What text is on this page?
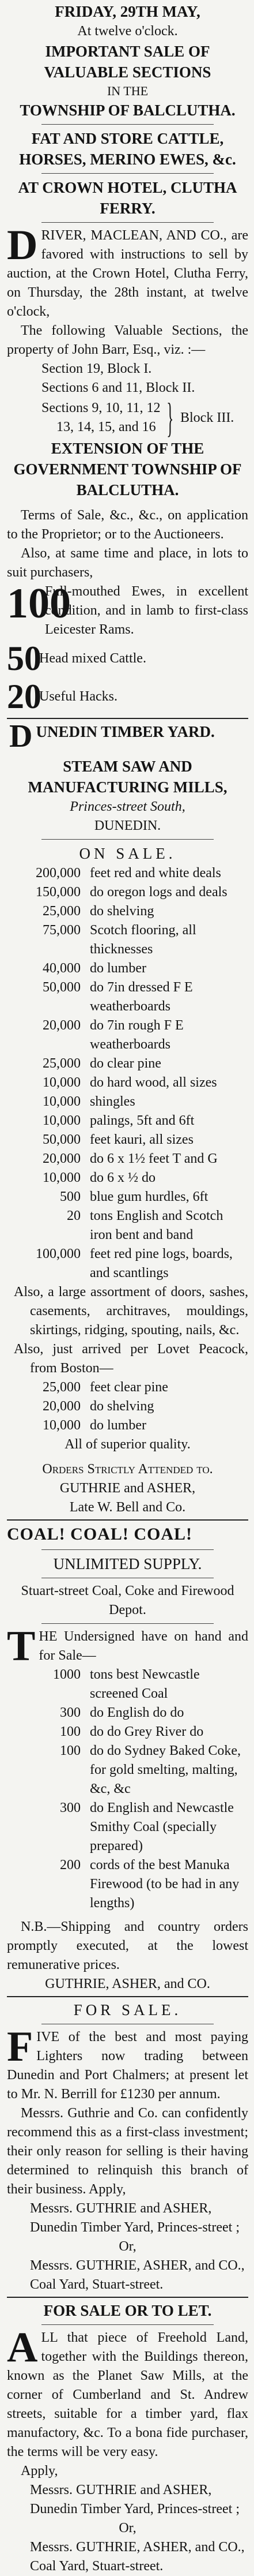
FRIDAY, 29TH MAY,
At twelve o'clock.
IMPORTANT SALE OF VALUABLE SECTIONS
IN THE
TOWNSHIP OF BALCLUTHA.
FAT AND STORE CATTLE, HORSES, MERINO EWES, &c.
AT CROWN HOTEL, CLUTHA FERRY.
D RIVER, MACLEAN, AND CO., are favored with instructions to sell by auction, at the Crown Hotel, Clutha Ferry, on Thursday, the 28th instant, at twelve o'clock,
The following Valuable Sections, the property of John Barr, Esq., viz. :—
Section 19, Block I.
Sections 6 and 11, Block II.
Sections 9, 10, 11, 12
13, 14, 15, and 16 } Block III.
EXTENSION OF THE GOVERNMENT TOWNSHIP OF BALCLUTHA.
Terms of Sale, &c., &c., on application to the Proprietor; or to the Auctioneers.
Also, at same time and place, in lots to suit purchasers,
100
Full-mouthed Ewes, in excellent condition, and in lamb to first-class Leicester Rams.
50
Head mixed Cattle.
20
Useful Hacks.
DUNEDIN TIMBER YARD.
STEAM SAW AND MANUFACTURING MILLS,
Princes-street South,
DUNEDIN.
ON SALE.
200,000 feet red and white deals
150,000 do oregon logs and deals
25,000 do shelving
75,000 Scotch flooring, all thicknesses
40,000 do lumber
50,000 do 7in dressed F E weatherboards
20,000 do 7in rough F E weatherboards
25,000 do clear pine
10,000 do hard wood, all sizes
10,000 shingles
10,000 palings, 5ft and 6ft
50,000 feet kauri, all sizes
20,000 do 6 x 1½ feet T and G
10,000 do 6 x ½ do
500 blue gum hurdles, 6ft
20 tons English and Scotch iron bent and band
100,000 feet red pine logs, boards, and scantlings
Also, a large assortment of doors, sashes, casements, architraves, mouldings, skirtings, ridging, spouting, nails, &c.
Also, just arrived per Lovet Peacock, from Boston—
25,000 feet clear pine
20,000 do shelving
10,000 do lumber
All of superior quality.
Orders Strictly Attended to.
GUTHRIE and ASHER,
Late W. Bell and Co.
COAL! COAL! COAL!
UNLIMITED SUPPLY.
Stuart-street Coal, Coke and Firewood Depot.
T HE Undersigned have on hand and for Sale—
1000 tons best Newcastle screened Coal
300 do English do do
100 do do Grey River do
100 do do Sydney Baked Coke, for gold smelting, malting, &c, &c
300 do English and Newcastle Smithy Coal (specially prepared)
200 cords of the best Manuka Firewood (to be had in any lengths)
N.B.—Shipping and country orders promptly executed, at the lowest remunerative prices.
GUTHRIE, ASHER, and CO.
FOR SALE.
F IVE of the best and most paying Lighters now trading between Dunedin and Port Chalmers; at present let to Mr. N. Berrill for £1230 per annum.
Messrs. Guthrie and Co. can confidently recommend this as a first-class investment; their only reason for selling is their having determined to relinquish this branch of their business. Apply,
Messrs. GUTHRIE and ASHER, Dunedin Timber Yard, Princes-street ;
Or,
Messrs. GUTHRIE, ASHER, and CO., Coal Yard, Stuart-street.
FOR SALE OR TO LET.
A LL that piece of Freehold Land, together with the Buildings thereon, known as the Planet Saw Mills, at the corner of Cumberland and St. Andrew streets, suitable for a timber yard, flax manufactory, &c. To a bona fide purchaser, the terms will be very easy.
Apply,
Messrs. GUTHRIE and ASHER, Dunedin Timber Yard, Princes-street ;
Or,
Messrs. GUTHRIE, ASHER, and CO., Coal Yard, Stuart-street.
